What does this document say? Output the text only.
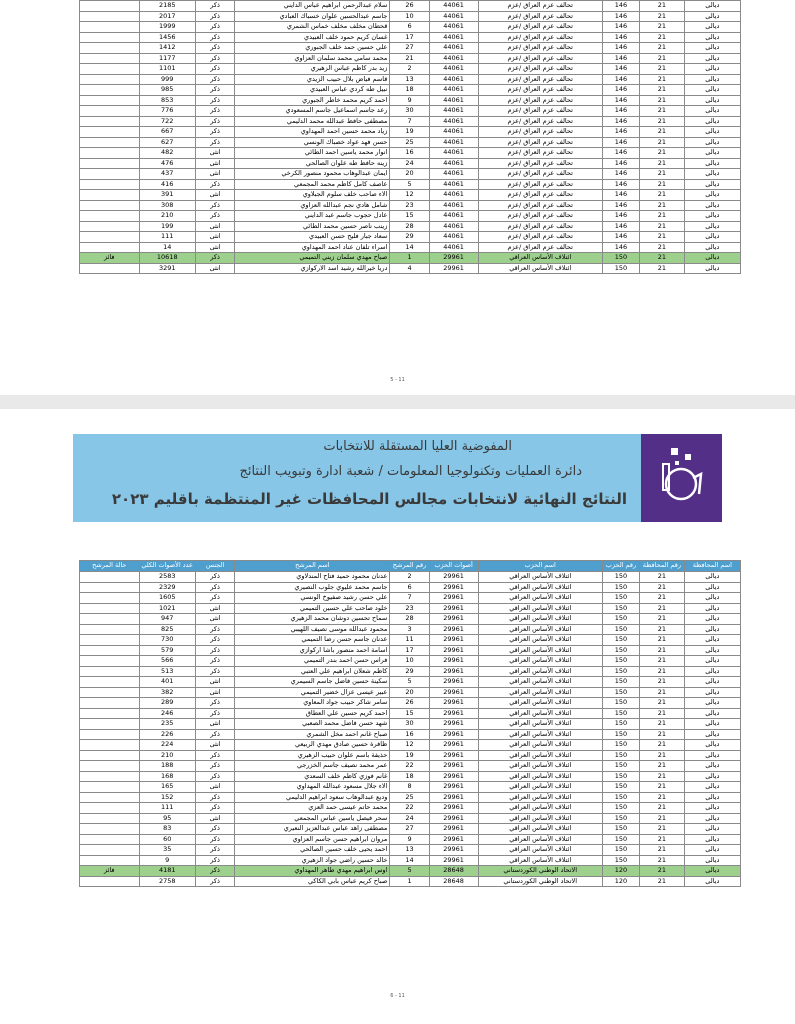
ديالى	21	146	تحالف عزم العراق /عزم	44061	26	سلام عبدالرحمن ابراهيم عباس الدايني	ذكر	2185	
ديالى	21	146	تحالف عزم العراق /عزم	44061	10	جاسم عبدالحسين علوان خسباك العبادي	ذكر	2017	
ديالى	21	146	تحالف عزم العراق /عزم	44061	6	قحطان مخلف مخلف خماس الشمري	ذكر	1999	
ديالى	21	146	تحالف عزم العراق /عزم	44061	17	غسان كريم حمود خلف العبيدي	ذكر	1456	
ديالى	21	146	تحالف عزم العراق /عزم	44061	27	علي حسين حمد خلف الجبوري	ذكر	1412	
ديالى	21	146	تحالف عزم العراق /عزم	44061	21	محمد سامي محمد سلمان العزاوي	ذكر	1177	
ديالى	21	146	تحالف عزم العراق /عزم	44061	2	زيد بدر كاظم عباس الزهيري	ذكر	1101	
ديالى	21	146	تحالف عزم العراق /عزم	44061	13	قاسم فياض بلال حبيب الزيدي	ذكر	999	
ديالى	21	146	تحالف عزم العراق /عزم	44061	18	نبيل طه كردي عباس العبيدي	ذكر	985	
ديالى	21	146	تحالف عزم العراق /عزم	44061	9	احمد كريم محمد خاطر الجبوري	ذكر	853	
ديالى	21	146	تحالف عزم العراق /عزم	44061	30	رعد جاسم اسماعيل جاسم المسعودي	ذكر	776	
ديالى	21	146	تحالف عزم العراق /عزم	44061	7	مصطفى حافظ عبدالله محمد الدليمي	ذكر	722	
ديالى	21	146	تحالف عزم العراق /عزم	44061	19	زياد محمد حسين احمد المهداوي	ذكر	667	
ديالى	21	146	تحالف عزم العراق /عزم	44061	25	حسن فهد عواد خصباك الونسي	ذكر	627	
ديالى	21	146	تحالف عزم العراق /عزم	44061	16	انوار محمد ياسين احمد الطائي	انثى	482	
ديالى	21	146	تحالف عزم العراق /عزم	44061	24	زينه حافظ طه علوان الصالحي	انثى	476	
ديالى	21	146	تحالف عزم العراق /عزم	44061	20	ايمان عبدالوهاب محمود منصور الكرخي	انثى	437	
ديالى	21	146	تحالف عزم العراق /عزم	44061	5	عاصف كامل كاظم محمد المجمعي	ذكر	416	
ديالى	21	146	تحالف عزم العراق /عزم	44061	12	الاء صاحب خلف سلوم الجبلاوي	انثى	391	
ديالى	21	146	تحالف عزم العراق /عزم	44061	23	شامل هادي نجم عبدالله العزاوي	ذكر	308	
ديالى	21	146	تحالف عزم العراق /عزم	44061	15	عادل حجوب جاسم عبد الدايني	ذكر	210	
ديالى	21	146	تحالف عزم العراق /عزم	44061	28	زينب ناصر حسين محمد الطائي	انثى	199	
ديالى	21	146	تحالف عزم العراق /عزم	44061	29	سعاد جبار فليح حسن العبيدي	انثى	111	
ديالى	21	146	تحالف عزم العراق /عزم	44061	14	اسراء تلفان عناد احمد المهداوي	انثى	14	
ديالى	21	150	ائتلاف الأساس العراقي	29961	1	صباح مهدي سلمان زيني التميمي	ذكر	10618	فائز
ديالى	21	150	ائتلاف الأساس العراقي	29961	4	دريا خيرالله رشيد اسد الاركوازي	انثى	3291	
5 - 11
المفوضية العليا المستقلة للانتخابات
دائرة العمليات وتكنولوجيا المعلومات / شعبة ادارة وتبويب النتائج
النتائج النهائية لانتخابات مجالس المحافظات غير المنتظمة باقليم ٢٠٢٣
اسم المحافظة	رقم المحافظة	رقم الحزب	اسم الحزب	أصوات الحزب	رقم المرشح	اسم المرشح	الجنس	عدد الأصوات الكلي	حالة المرشح
ديالى	21	150	ائتلاف الأساس العراقي	29961	2	عدنان محمود حميد فتاح المندلاوي	ذكر	2583	
ديالى	21	150	ائتلاف الأساس العراقي	29961	6	جاسم محمد عليوي جلوب النصيري	ذكر	2329	
ديالى	21	150	ائتلاف الأساس العراقي	29961	7	علي حسن رشيد صفيوخ الونسي	ذكر	1605	
ديالى	21	150	ائتلاف الأساس العراقي	29961	23	خلود صاحب علي حسين التميمي	انثى	1021	
ديالى	21	150	ائتلاف الأساس العراقي	29961	28	سماح تحسين دوشان محمد الزهيري	انثى	947	
ديالى	21	150	ائتلاف الأساس العراقي	29961	3	محمود عبدالله موسى نصيف اللهيبي	ذكر	825	
ديالى	21	150	ائتلاف الأساس العراقي	29961	11	عدنان جاسم حسن رضا التميمي	ذكر	730	
ديالى	21	150	ائتلاف الأساس العراقي	29961	17	اسامة احمد منصور باشا اركوازي	ذكر	579	
ديالى	21	150	ائتلاف الأساس العراقي	29961	10	فراس حسن احمد بندر التميمي	ذكر	566	
ديالى	21	150	ائتلاف الأساس العراقي	29961	29	كاظم شعلان ابراهيم علي العتبي	ذكر	513	
ديالى	21	150	ائتلاف الأساس العراقي	29961	5	سكينة حسين فاضل جاسم السيمري	انثى	401	
ديالى	21	150	ائتلاف الأساس العراقي	29961	20	عبير عيسى عزال خضير التميمي	انثى	382	
ديالى	21	150	ائتلاف الأساس العراقي	29961	26	سامر شاكر حبيب جواد المعاوي	ذكر	289	
ديالى	21	150	ائتلاف الأساس العراقي	29961	15	احمد كريم حسين علي العطاق	ذكر	246	
ديالى	21	150	ائتلاف الأساس العراقي	29961	30	شهد حسن فاضل محمد الصعبي	انثى	235	
ديالى	21	150	ائتلاف الأساس العراقي	29961	16	صباح غانم احمد مخل الشمري	ذكر	226	
ديالى	21	150	ائتلاف الأساس العراقي	29961	12	ظافرة حسين صادق مهدي الربيعي	انثى	224	
ديالى	21	150	ائتلاف الأساس العراقي	29961	19	حذيفة باسم علوان حبيب الزهيري	ذكر	210	
ديالى	21	150	ائتلاف الأساس العراقي	29961	22	عمر محمد نصيف جاسم الخزرجي	ذكر	188	
ديالى	21	150	ائتلاف الأساس العراقي	29961	18	غانم فوزي كاظم خلف السعدي	ذكر	168	
ديالى	21	150	ائتلاف الأساس العراقي	29961	8	الاء جلال مسعود عبدالله المهداوي	انثى	165	
ديالى	21	150	ائتلاف الأساس العراقي	29961	25	وديع عبدالوهاب سعود ابراهيم الدليمي	ذكر	152	
ديالى	21	150	ائتلاف الأساس العراقي	29961	22	محمد حاتم عيسى حمد العزي	ذكر	111	
ديالى	21	150	ائتلاف الأساس العراقي	29961	24	سحر فيصل ياسين عباس المجمعي	انثى	95	
ديالى	21	150	ائتلاف الأساس العراقي	29961	27	مصطفى زاهد عباس عبدالعزيز النعيري	ذكر	83	
ديالى	21	150	ائتلاف الأساس العراقي	29961	9	مروان ابراهيم حسن جاسم العزاوي	ذكر	60	
ديالى	21	150	ائتلاف الأساس العراقي	29961	13	احمد يحيى خلف حسين الصالحي	ذكر	35	
ديالى	21	150	ائتلاف الأساس العراقي	29961	14	خالد حسين راضي جواد الزهيري	ذكر	9	
ديالى	21	120	الاتحاد الوطني الكوردستاني	28648	5	اوس ابراهيم مهدي طاهر المهداوي	ذكر	4181	فائز
ديالى	21	120	الاتحاد الوطني الكوردستاني	28648	1	صباح كريم عباس بابي الكاكي	ذكر	2758	
6 - 11
